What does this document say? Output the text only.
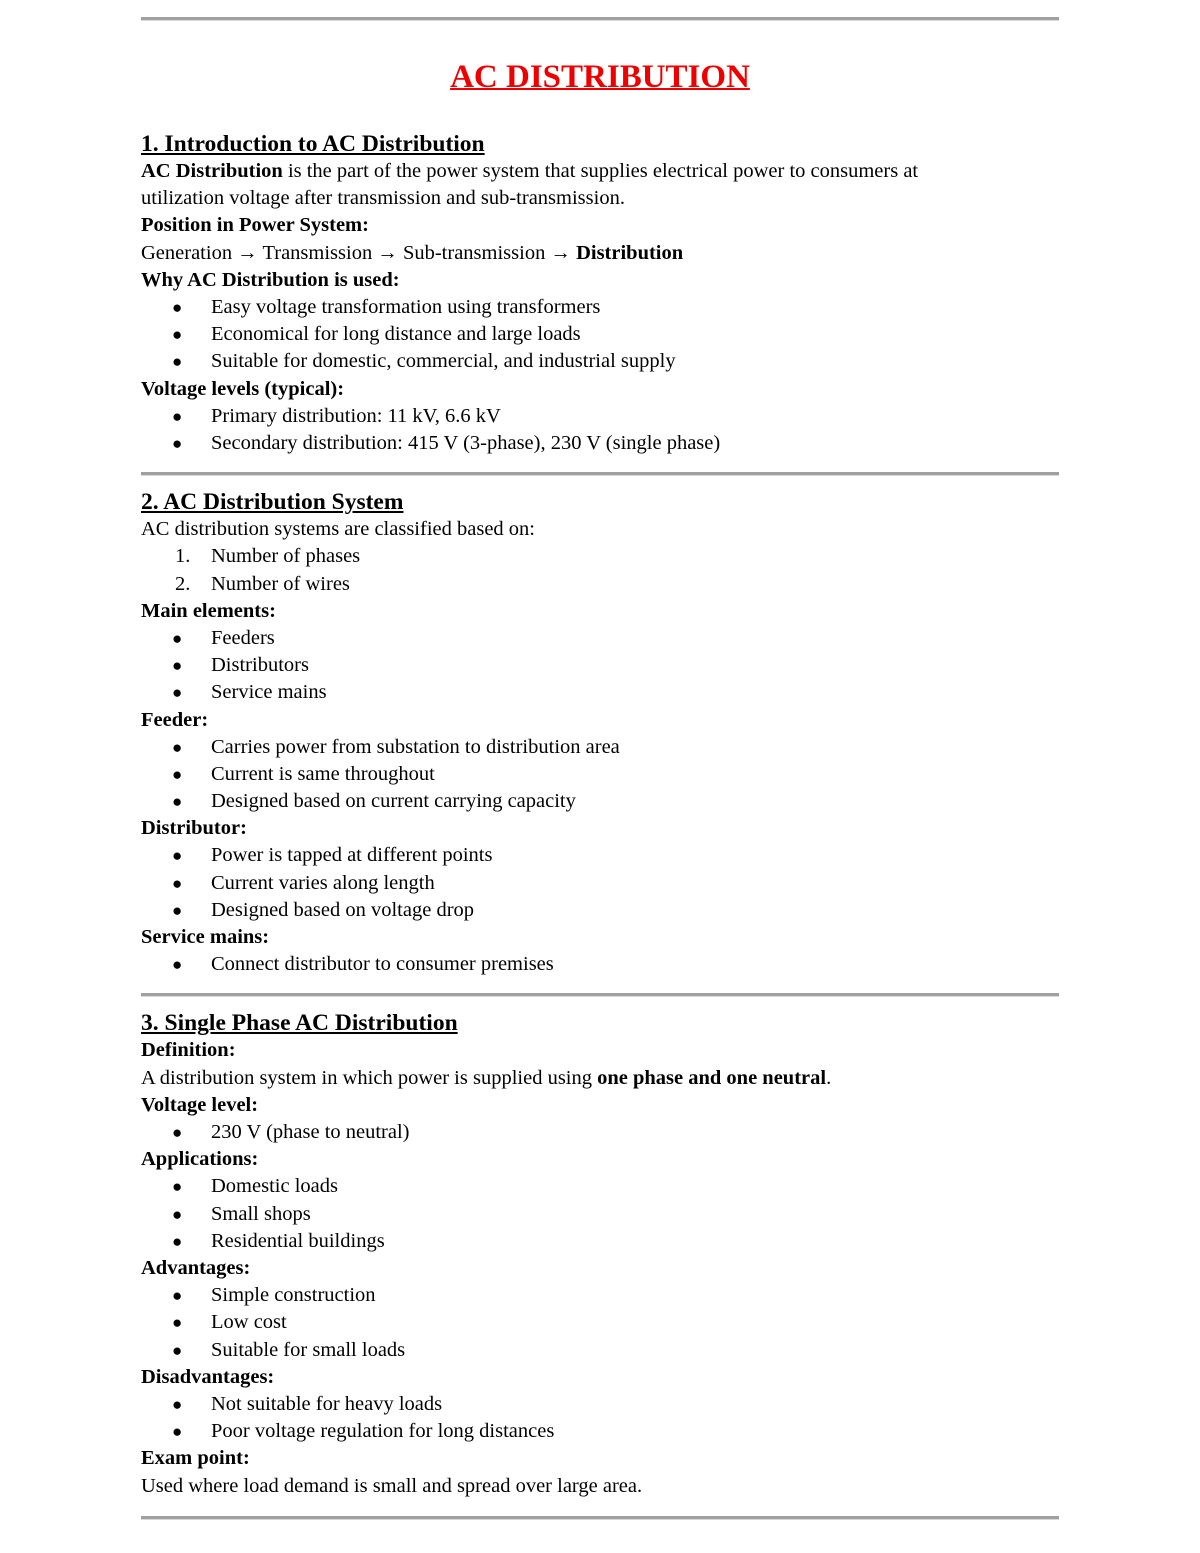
AC DISTRIBUTION
1. Introduction to AC Distribution
AC Distribution is the part of the power system that supplies electrical power to consumers at
utilization voltage after transmission and sub-transmission.
Position in Power System:
Generation → Transmission → Sub-transmission → Distribution
Why AC Distribution is used:
● Easy voltage transformation using transformers
● Economical for long distance and large loads
● Suitable for domestic, commercial, and industrial supply
Voltage levels (typical):
● Primary distribution: 11 kV, 6.6 kV
● Secondary distribution: 415 V (3-phase), 230 V (single phase)
2. AC Distribution System
AC distribution systems are classified based on:
1. Number of phases
2. Number of wires
Main elements:
● Feeders
● Distributors
● Service mains
Feeder:
● Carries power from substation to distribution area
● Current is same throughout
● Designed based on current carrying capacity
Distributor:
● Power is tapped at different points
● Current varies along length
● Designed based on voltage drop
Service mains:
● Connect distributor to consumer premises
3. Single Phase AC Distribution
Definition:
A distribution system in which power is supplied using one phase and one neutral.
Voltage level:
● 230 V (phase to neutral)
Applications:
● Domestic loads
● Small shops
● Residential buildings
Advantages:
● Simple construction
● Low cost
● Suitable for small loads
Disadvantages:
● Not suitable for heavy loads
● Poor voltage regulation for long distances
Exam point:
Used where load demand is small and spread over large area.
